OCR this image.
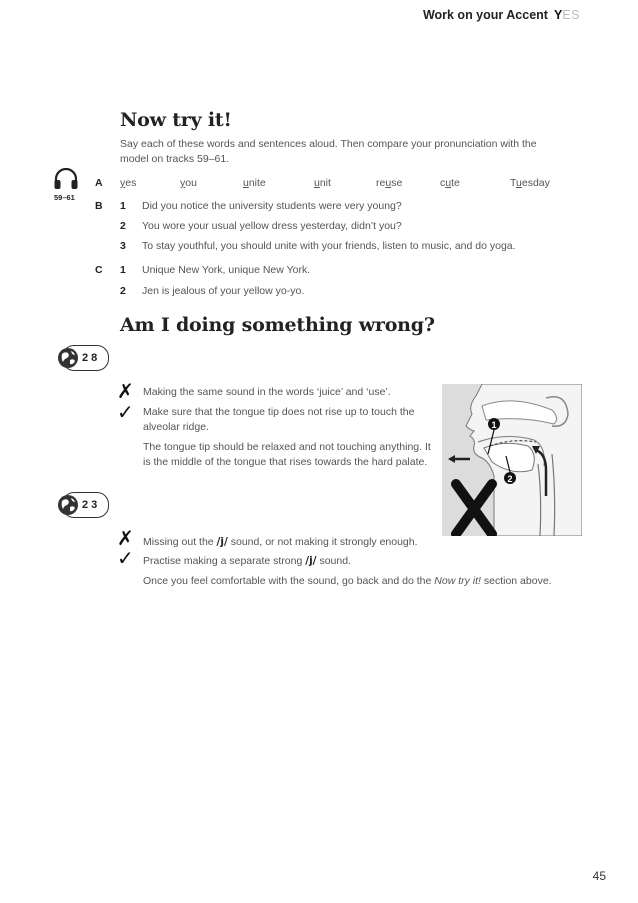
Work on your Accent YES
Now try it!
Say each of these words and sentences aloud. Then compare your pronunciation with the model on tracks 59–61.
59–61
A yes	you	unite	unit	reuse	cute	Tuesday
B 1 Did you notice the university students were very young?
2 You wore your usual yellow dress yesterday, didn’t you?
3 To stay youthful, you should unite with your friends, listen to music, and do yoga.
C 1 Unique New York, unique New York.
2 Jen is jealous of your yellow yo-yo.
Am I doing something wrong?
28
✗ Making the same sound in the words ‘juice’ and ‘use’.
✓ Make sure that the tongue tip does not rise up to touch the alveolar ridge.
The tongue tip should be relaxed and not touching anything. It is the middle of the tongue that rises towards the hard palate.
1
2
23
✗ Missing out the /j/ sound, or not making it strongly enough.
✓ Practise making a separate strong /j/ sound.
Once you feel comfortable with the sound, go back and do the Now try it! section above.
45
